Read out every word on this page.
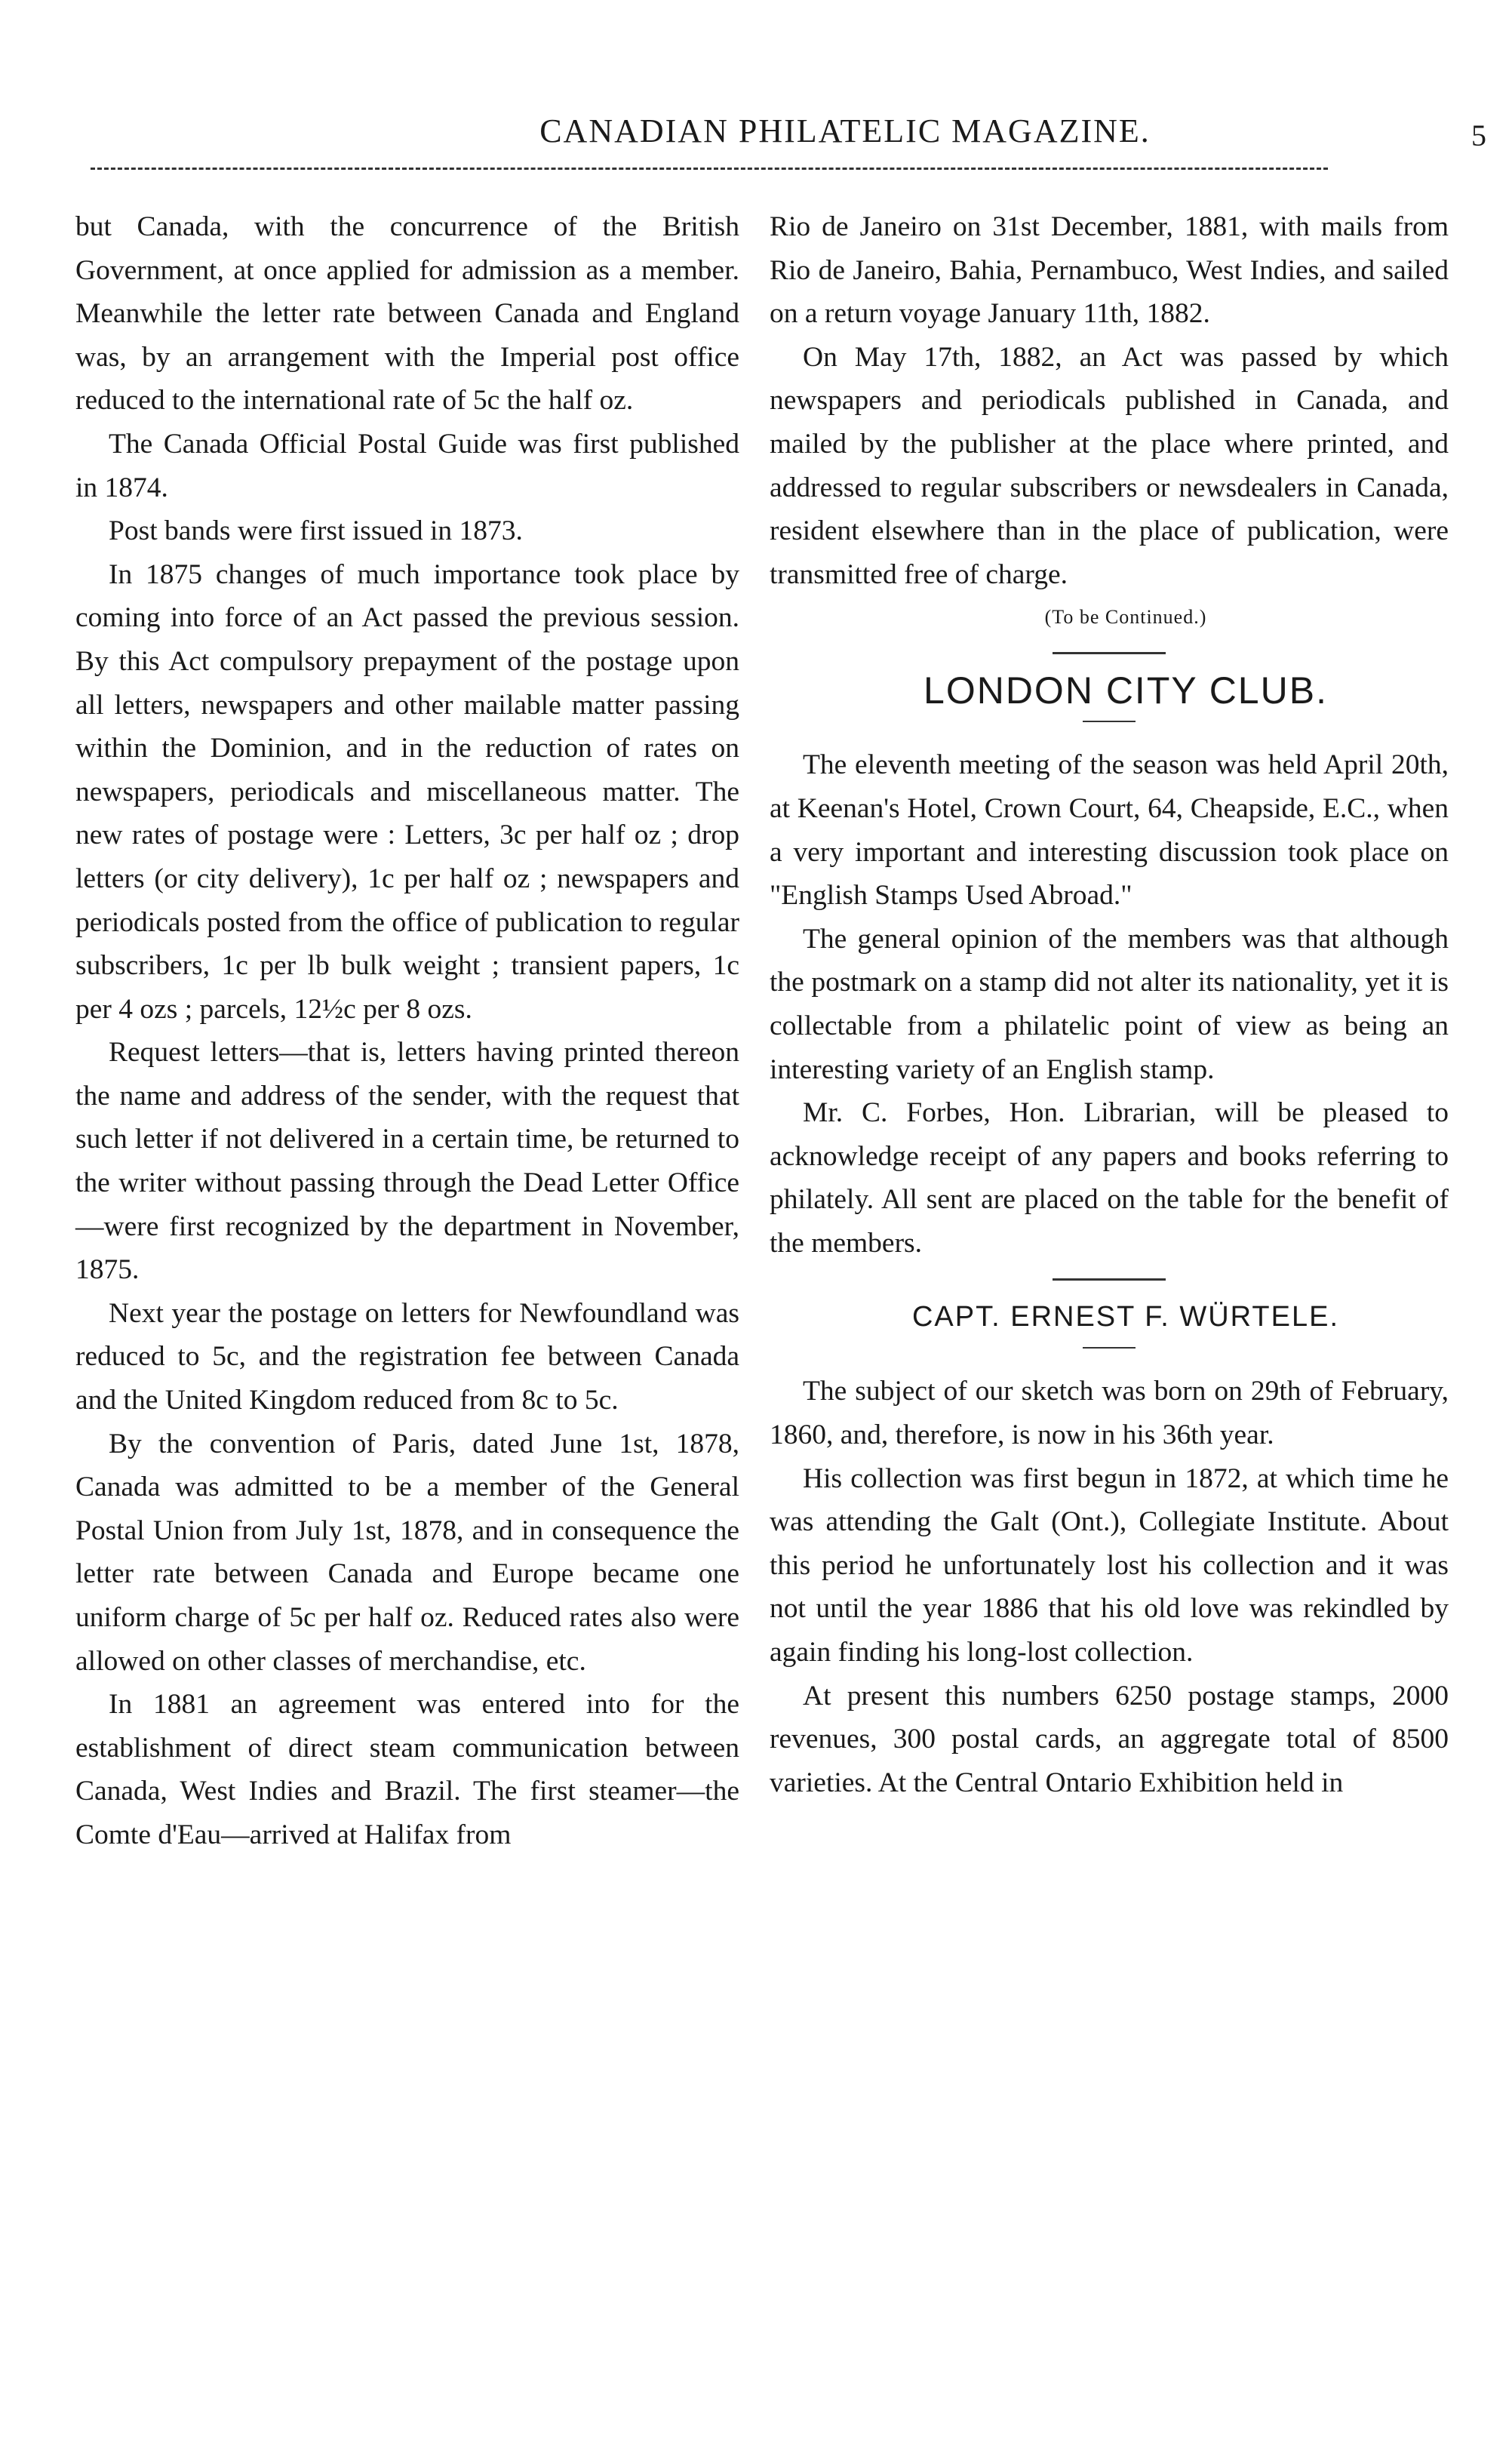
CANADIAN PHILATELIC MAGAZINE.	5

but Canada, with the concurrence of the British Government, at once applied for admission as a member. Meanwhile the letter rate between Canada and England was, by an arrangement with the Imperial post office reduced to the international rate of 5c the half oz.

The Canada Official Postal Guide was first published in 1874.

Post bands were first issued in 1873.

In 1875 changes of much importance took place by coming into force of an Act passed the previous session. By this Act compulsory prepayment of the postage upon all letters, newspapers and other mailable matter passing within the Dominion, and in the reduction of rates on newspapers, periodicals and miscellaneous matter. The new rates of postage were : Letters, 3c per half oz ; drop letters (or city delivery), 1c per half oz ; newspapers and periodicals posted from the office of publication to regular subscribers, 1c per lb bulk weight ; transient papers, 1c per 4 ozs ; parcels, 12½c per 8 ozs.

Request letters—that is, letters having printed thereon the name and address of the sender, with the request that such letter if not delivered in a certain time, be returned to the writer without passing through the Dead Letter Office—were first recognized by the department in November, 1875.

Next year the postage on letters for Newfoundland was reduced to 5c, and the registration fee between Canada and the United Kingdom reduced from 8c to 5c.

By the convention of Paris, dated June 1st, 1878, Canada was admitted to be a member of the General Postal Union from July 1st, 1878, and in consequence the letter rate between Canada and Europe became one uniform charge of 5c per half oz. Reduced rates also were allowed on other classes of merchandise, etc.

In 1881 an agreement was entered into for the establishment of direct steam communication between Canada, West Indies and Brazil. The first steamer—the Comte d'Eau—arrived at Halifax from

Rio de Janeiro on 31st December, 1881, with mails from Rio de Janeiro, Bahia, Pernambuco, West Indies, and sailed on a return voyage January 11th, 1882.

On May 17th, 1882, an Act was passed by which newspapers and periodicals published in Canada, and mailed by the publisher at the place where printed, and addressed to regular subscribers or newsdealers in Canada, resident elsewhere than in the place of publication, were transmitted free of charge.

(To be Continued.)

LONDON CITY CLUB.

The eleventh meeting of the season was held April 20th, at Keenan's Hotel, Crown Court, 64, Cheapside, E.C., when a very important and interesting discussion took place on "English Stamps Used Abroad."

The general opinion of the members was that although the postmark on a stamp did not alter its nationality, yet it is collectable from a philatelic point of view as being an interesting variety of an English stamp.

Mr. C. Forbes, Hon. Librarian, will be pleased to acknowledge receipt of any papers and books referring to philately. All sent are placed on the table for the benefit of the members.

CAPT. ERNEST F. WÜRTELE.

The subject of our sketch was born on 29th of February, 1860, and, therefore, is now in his 36th year.

His collection was first begun in 1872, at which time he was attending the Galt (Ont.), Collegiate Institute. About this period he unfortunately lost his collection and it was not until the year 1886 that his old love was rekindled by again finding his long-lost collection.

At present this numbers 6250 postage stamps, 2000 revenues, 300 postal cards, an aggregate total of 8500 varieties. At the Central Ontario Exhibition held in
